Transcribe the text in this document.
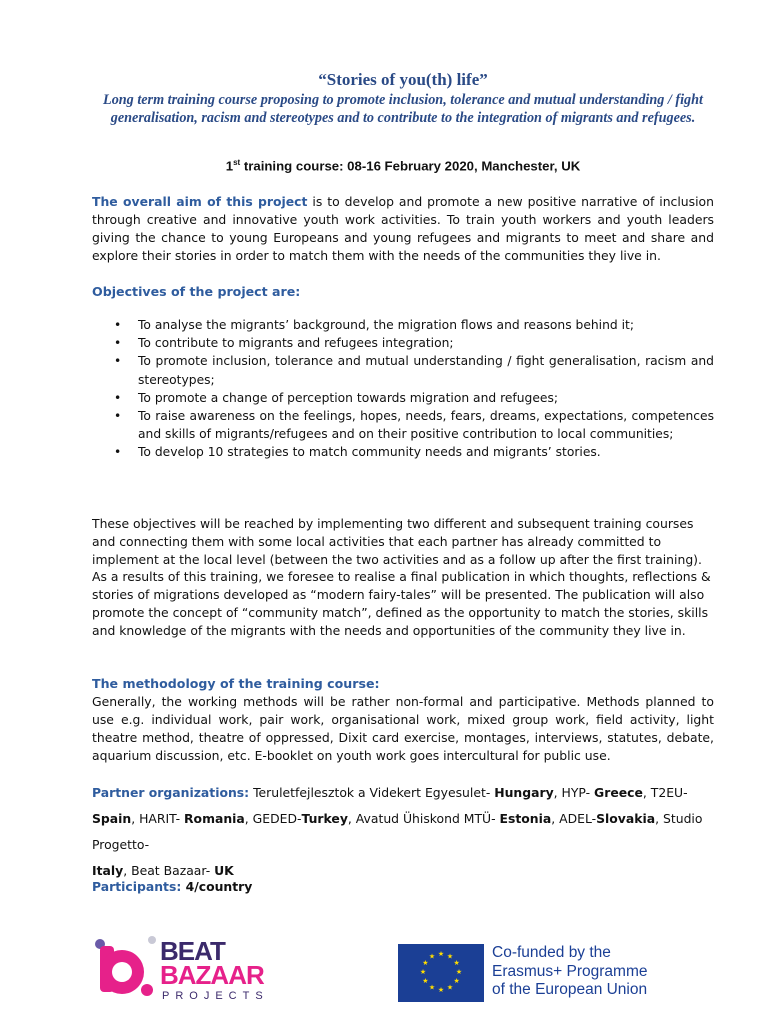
“Stories of you(th) life”
Long term training course proposing to promote inclusion, tolerance and mutual understanding / fight generalisation, racism and stereotypes and to contribute to the integration of migrants and refugees.
1st training course: 08-16 February 2020, Manchester, UK
The overall aim of this project is to develop and promote a new positive narrative of inclusion through creative and innovative youth work activities. To train youth workers and youth leaders giving the chance to young Europeans and young refugees and migrants to meet and share and explore their stories in order to match them with the needs of the communities they live in.
Objectives of the project are:
• To analyse the migrants’ background, the migration flows and reasons behind it;
• To contribute to migrants and refugees integration;
• To promote inclusion, tolerance and mutual understanding / fight generalisation, racism and stereotypes;
• To promote a change of perception towards migration and refugees;
• To raise awareness on the feelings, hopes, needs, fears, dreams, expectations, competences and skills of migrants/refugees and on their positive contribution to local communities;
• To develop 10 strategies to match community needs and migrants’ stories.
These objectives will be reached by implementing two different and subsequent training courses and connecting them with some local activities that each partner has already committed to implement at the local level (between the two activities and as a follow up after the first training). As a results of this training, we foresee to realise a final publication in which thoughts, reflections & stories of migrations developed as “modern fairy-tales” will be presented. The publication will also promote the concept of “community match”, defined as the opportunity to match the stories, skills and knowledge of the migrants with the needs and opportunities of the community they live in.
The methodology of the training course:
Generally, the working methods will be rather non-formal and participative. Methods planned to use e.g. individual work, pair work, organisational work, mixed group work, field activity, light theatre method, theatre of oppressed, Dixit card exercise, montages, interviews, statutes, debate, aquarium discussion, etc. E-booklet on youth work goes intercultural for public use.
Partner organizations: Teruletfejlesztok a Videkert Egyesulet- Hungary, HYP- Greece, T2EU-
Spain, HARIT- Romania, GEDED-Turkey, Avatud Ühiskond MTÜ- Estonia, ADEL-Slovakia, Studio Progetto-
Italy, Beat Bazaar- UK
Participants: 4/country
BEAT
BAZAAR
PROJECTS
★ ★
★
★
★
★
★
★
★
★
★
★	Co-funded by the
Erasmus+ Programme
of the European Union
